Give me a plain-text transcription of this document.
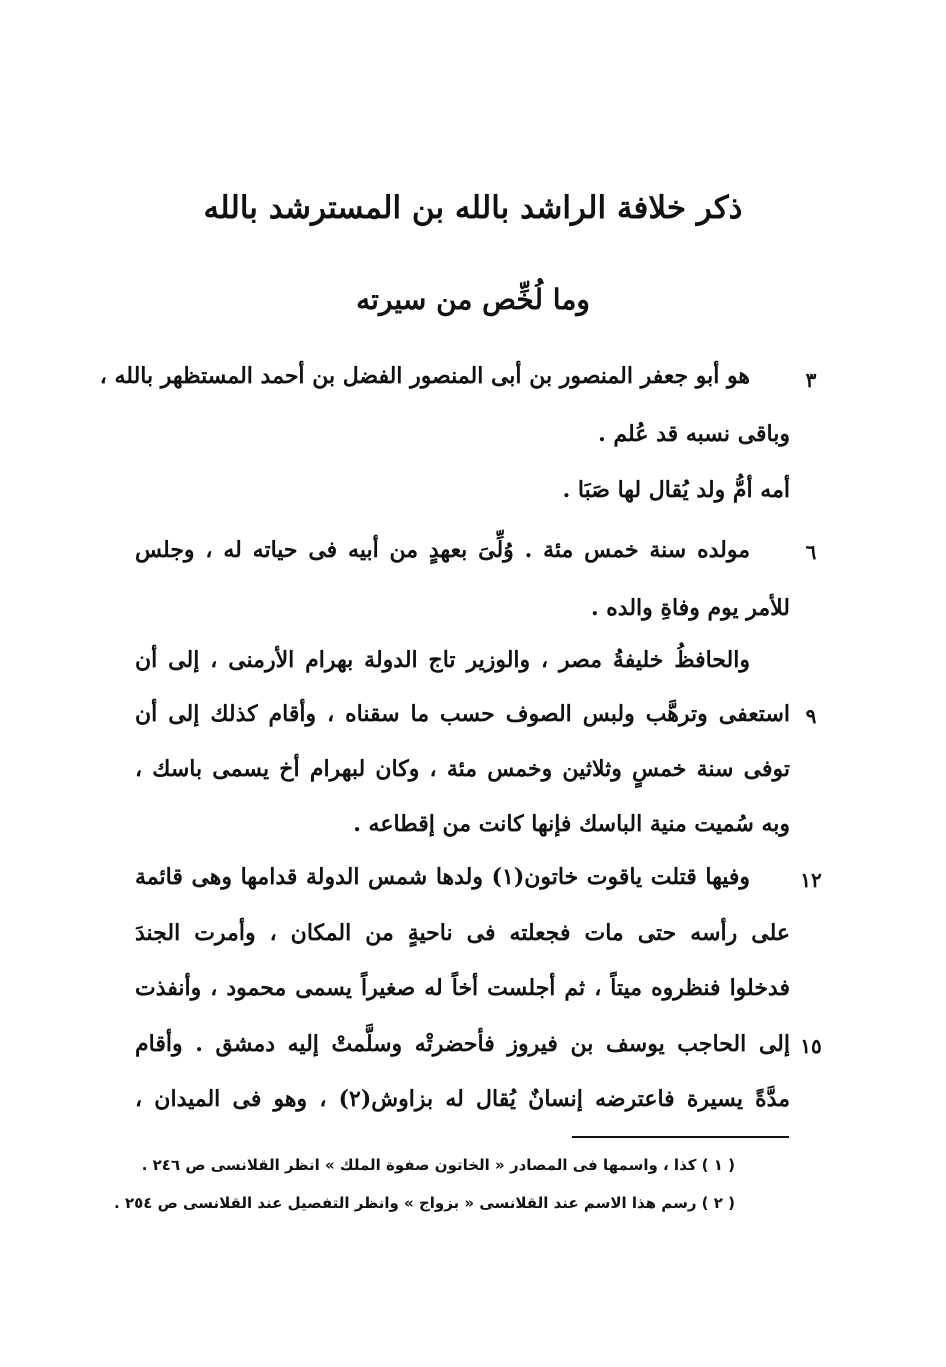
ذكر خلافة الراشد بالله بن المسترشد بالله
وما لُخِّص من سيرته
هو أبو جعفر المنصور بن أبى المنصور الفضل بن أحمد المستظهر بالله ،
وباقى نسبه قد عُلم .
أمه أمُّ ولد يُقال لها صَبَا .
مولده سنة خمس مئة . وُلِّىَ بعهدٍ من أبيه فى حياته له ، وجلس
للأمر يوم وفاةِ والده .
والحافظُ خليفةُ مصر ، والوزير تاج الدولة بهرام الأرمنى ، إلى أن
استعفى وترهَّب ولبس الصوف حسب ما سقناه ، وأقام كذلك إلى أن
توفى سنة خمسٍ وثلاثين وخمس مئة ، وكان لبهرام أخ يسمى باسك ،
وبه سُميت منية الباسك فإنها كانت من إقطاعه .
وفيها قتلت ياقوت خاتون(١) ولدها شمس الدولة قدامها وهى قائمة
على رأسه حتى مات فجعلته فى ناحيةٍ من المكان ، وأمرت الجندَ
فدخلوا فنظروه ميتاً ، ثم أجلست أخاً له صغيراً يسمى محمود ، وأنفذت
إلى الحاجب يوسف بن فيروز فأحضرتْه وسلَّمتْ إليه دمشق . وأقام
مدَّةً يسيرة فاعترضه إنسانٌ يُقال له بزاوش(٢) ، وهو فى الميدان ،
٣
٦
٩
١٢
١٥
( ١ ) كذا ، واسمها فى المصادر « الخاتون صفوة الملك » انظر القلانسى ص ٢٤٦ .
( ٢ ) رسم هذا الاسم عند القلانسى « بزواج » وانظر التفصيل عند القلانسى ص ٢٥٤ .
